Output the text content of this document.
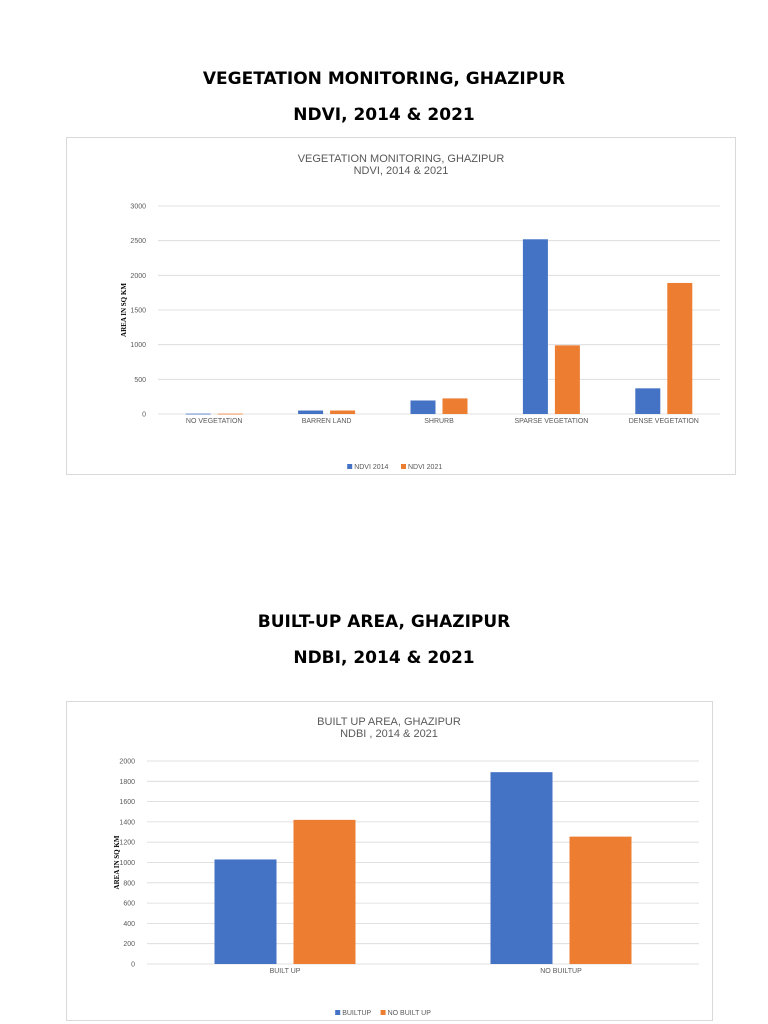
VEGETATION MONITORING, GHAZIPUR
NDVI, 2014 & 2021
VEGETATION MONITORING, GHAZIPUR
NDVI, 2014 & 2021
0
500
1000
1500
2000
2500
3000
AREA IN SQ KM
NO VEGETATION	BARREN LAND	SHRURB	SPARSE VEGETATION	DENSE VEGETATION
NDVI 2014	NDVI 2021
BUILT-UP AREA, GHAZIPUR
NDBI, 2014 & 2021
BUILT UP AREA, GHAZIPUR
NDBI , 2014 & 2021
0
200
400
600
800
1000
1200
1400
1600
1800
2000
AREA IN SQ KM
BUILT UP	NO BUILTUP
BUILTUP NO BUILT UP
